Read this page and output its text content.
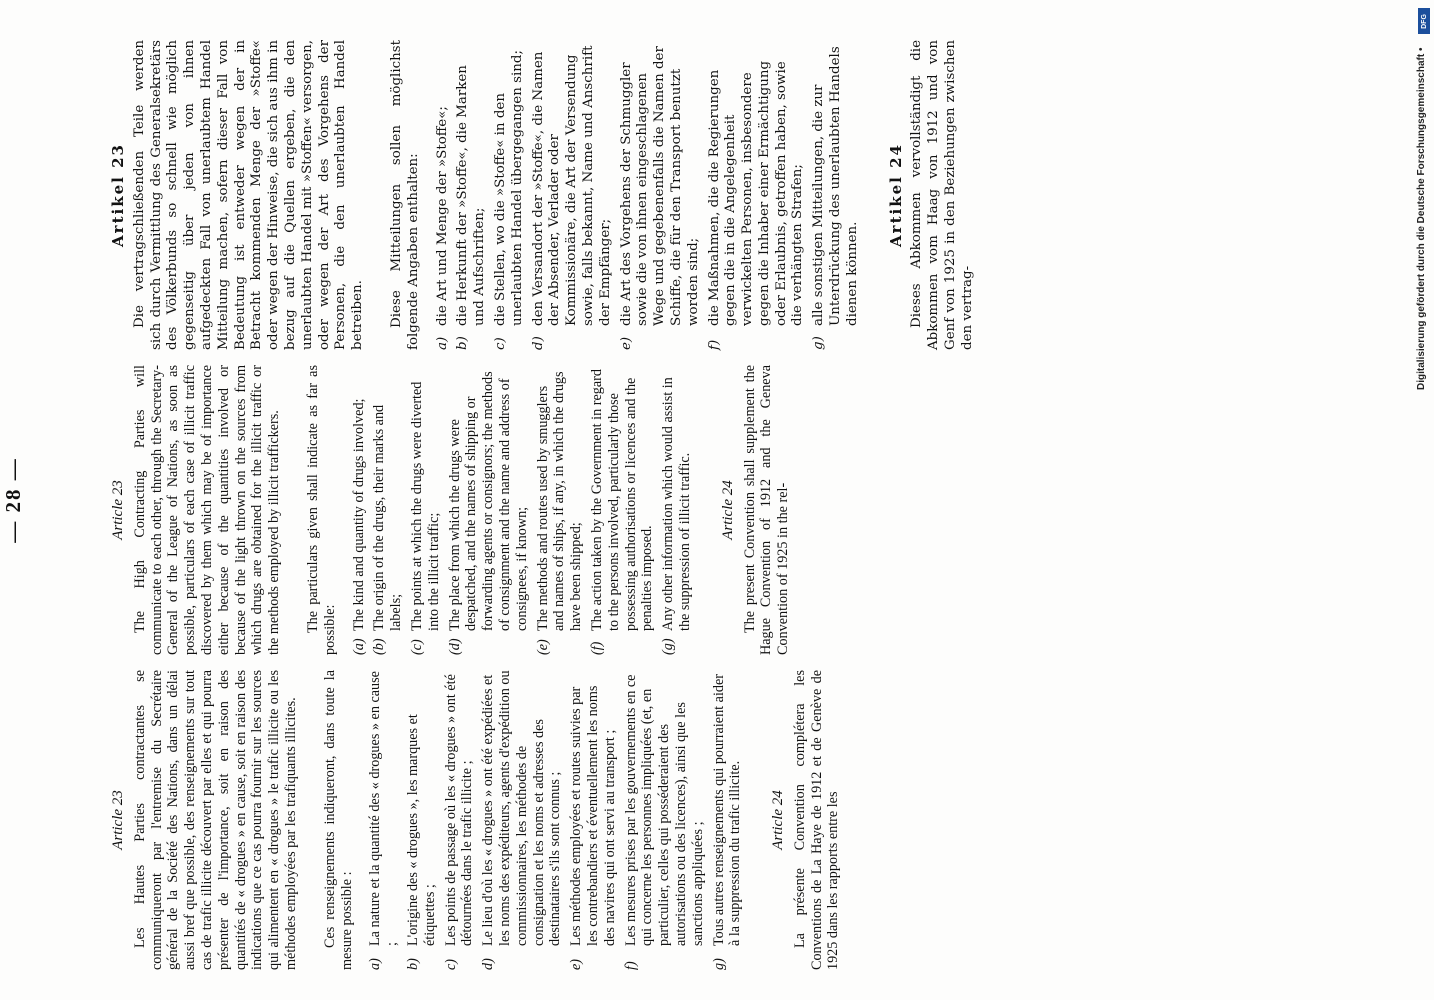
— 28 —

Article 23 Les Hautes Parties contractantes se communiqueront par l'entremise du Secrétaire général de la Société des Nations, dans un délai aussi bref que possible, des renseignements sur tout cas de trafic illicite découvert par elles et qui pourra présenter de l'importance, soit en raison des quantités de « drogues » en cause, soit en raison des indications que ce cas pourra fournir sur les sources qui alimentent en « drogues » le trafic illicite ou les méthodes employées par les trafiquants illicites. Ces renseignements indiqueront, dans toute la mesure possible : a)
La nature et la quantité des « drogues » en cause ;
b)
L'origine des « drogues », les marques et étiquettes ;
c)
Les points de passage où les « drogues » ont été détournées dans le trafic illicite ;
d)
Le lieu d'où les « drogues » ont été expédiées et les noms des expéditeurs, agents d'expédition ou commissionnaires, les méthodes de consignation et les noms et adresses des destinataires s'ils sont connus ;
e)
Les méthodes employées et routes suivies par les contrebandiers et éventuellement les noms des navires qui ont servi au transport ;
f)
Les mesures prises par les gouvernements en ce qui concerne les personnes impliquées (et, en particulier, celles qui posséderaient des autorisations ou des licences), ainsi que les sanctions appliquées ;
g)
Tous autres renseignements qui pourraient aider à la suppression du trafic illicite. Article 24 La présente Convention complétera les Conventions de La Haye de 1912 et de Genève de 1925 dans les rapports entre les

Article 23 The High Contracting Parties will communicate to each other, through the Secretary-General of the League of Nations, as soon as possible, particulars of each case of illicit traffic discovered by them which may be of importance either because of the quantities involved or because of the light thrown on the sources from which drugs are obtained for the illicit traffic or the methods employed by illicit traffickers. The particulars given shall indicate as far as possible: (a)
The kind and quantity of drugs involved;
(b)
The origin of the drugs, their marks and labels;
(c)
The points at which the drugs were diverted into the illicit traffic;
(d)
The place from which the drugs were despatched, and the names of shipping or forwarding agents or consignors; the methods of consignment and the name and address of consignees, if known;
(e)
The methods and routes used by smugglers and names of ships, if any, in which the drugs have been shipped;
(f)
The action taken by the Government in regard to the persons involved, particularly those possessing authorisations or licences and the penalties imposed.
(g)
Any other information which would assist in the suppression of illicit traffic. Article 24 The present Convention shall supplement the Hague Convention of 1912 and the Geneva Convention of 1925 in the rel-

Artikel 23 Die vertragschließenden Teile werden sich durch Vermittlung des Generalsekretärs des Völkerbunds so schnell wie möglich gegenseitig über jeden von ihnen aufgedeckten Fall von unerlaubtem Handel Mitteilung machen, sofern dieser Fall von Bedeutung ist entweder wegen der in Betracht kommenden Menge der »Stoffe« oder wegen der Hinweise, die sich aus ihm in bezug auf die Quellen ergeben, die den unerlaubten Handel mit »Stoffen« versorgen, oder wegen der Art des Vorgehens der Personen, die den unerlaubten Handel betreiben. Diese Mitteilungen sollen möglichst folgende Angaben enthalten: a)
die Art und Menge der »Stoffe«;
b)
die Herkunft der »Stoffe«, die Marken und Aufschriften;
c)
die Stellen, wo die »Stoffe« in den unerlaubten Handel übergegangen sind;
d)
den Versandort der »Stoffe«, die Namen der Absender, Verlader oder Kommissionäre, die Art der Versendung sowie, falls bekannt, Name und Anschrift der Empfänger;
e)
die Art des Vorgehens der Schmuggler sowie die von ihnen eingeschlagenen Wege und gegebenenfalls die Namen der Schiffe, die für den Transport benutzt worden sind;
f)
die Maßnahmen, die die Regierungen gegen die in die Angelegenheit verwickelten Personen, insbesondere gegen die Inhaber einer Ermächtigung oder Erlaubnis, getroffen haben, sowie die verhängten Strafen;
g)
alle sonstigen Mitteilungen, die zur Unterdrückung des unerlaubten Handels dienen können.

Artikel 24 Dieses Abkommen vervollständigt die Abkommen vom Haag von 1912 und von Genf von 1925 in den Beziehungen zwischen den vertrag-	Digitalisierung gefördert durch die Deutsche Forschungsgemeinschaft •
DFG
